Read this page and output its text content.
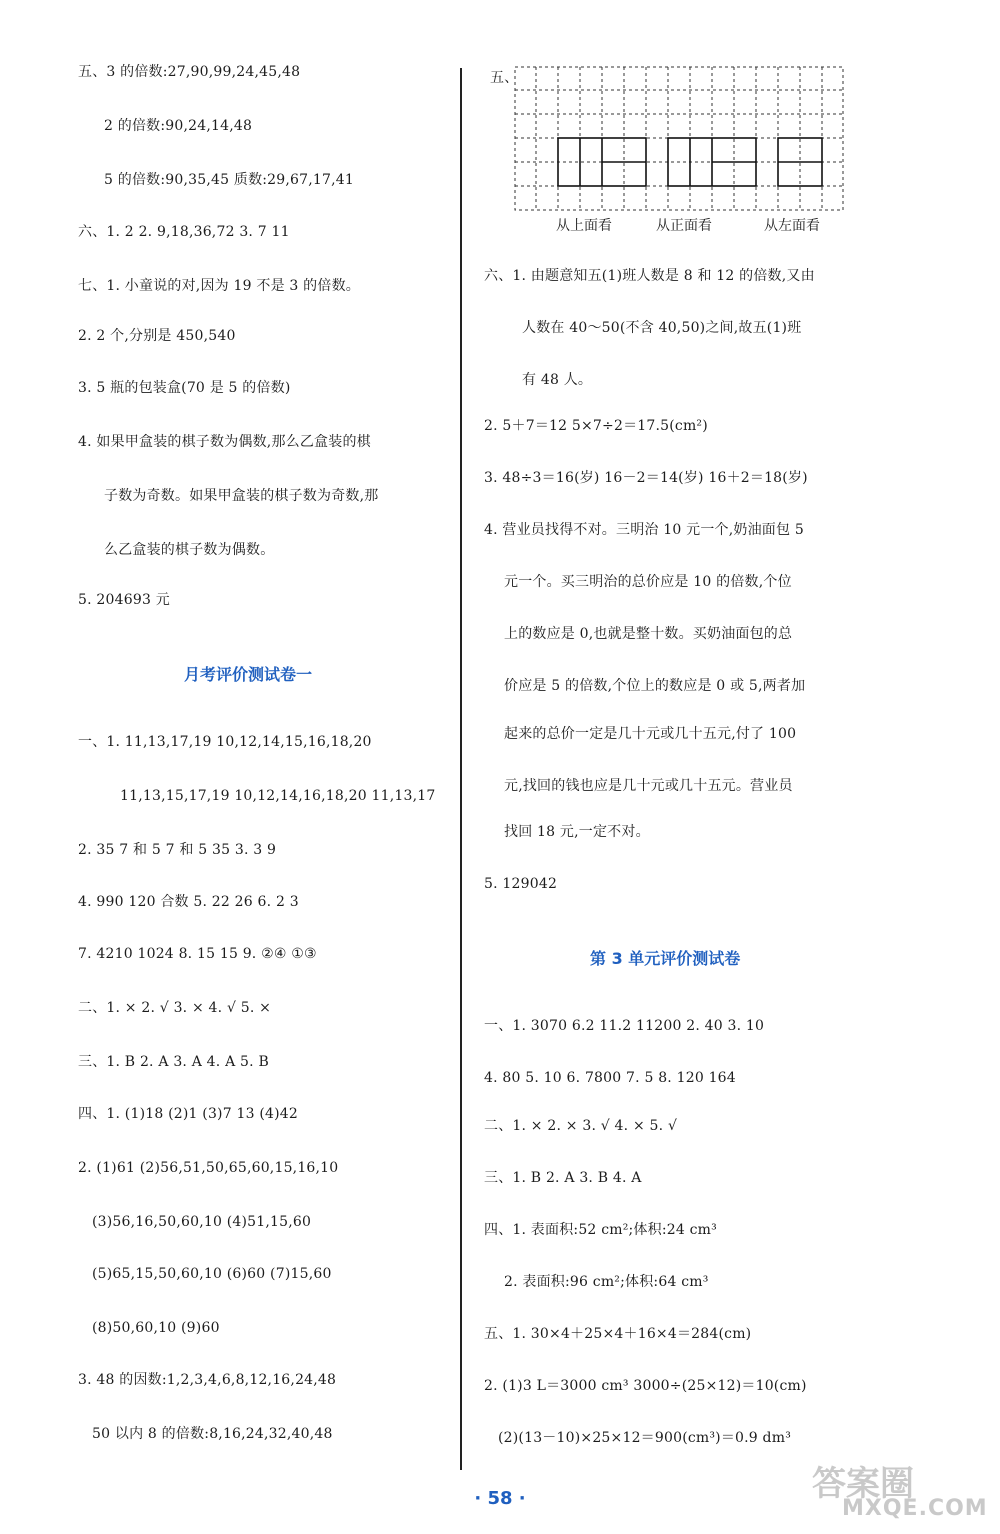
五、3 的倍数:27,90,99,24,45,48
2 的倍数:90,24,14,48
5 的倍数:90,35,45 质数:29,67,17,41
六、1. 2 2. 9,18,36,72 3. 7 11
七、1. 小童说的对,因为 19 不是 3 的倍数。
2. 2 个,分别是 450,540
3. 5 瓶的包装盒(70 是 5 的倍数)
4. 如果甲盒装的棋子数为偶数,那么乙盒装的棋
子数为奇数。如果甲盒装的棋子数为奇数,那
么乙盒装的棋子数为偶数。
5. 204693 元
月考评价测试卷一
一、1. 11,13,17,19 10,12,14,15,16,18,20
11,13,15,17,19 10,12,14,16,18,20 11,13,17
2. 35 7 和 5 7 和 5 35 3. 3 9
4. 990 120 合数 5. 22 26 6. 2 3
7. 4210 1024 8. 15 15 9. ②④ ①③
二、1. × 2. √ 3. × 4. √ 5. ×
三、1. B 2. A 3. A 4. A 5. B
四、1. (1)18 (2)1 (3)7 13 (4)42
2. (1)61 (2)56,51,50,65,60,15,16,10
(3)56,16,50,60,10 (4)51,15,60
(5)65,15,50,60,10 (6)60 (7)15,60
(8)50,60,10 (9)60
3. 48 的因数:1,2,3,4,6,8,12,16,24,48
50 以内 8 的倍数:8,16,24,32,40,48
五、
从上面看	从正面看	从左面看
六、1. 由题意知五(1)班人数是 8 和 12 的倍数,又由
人数在 40～50(不含 40,50)之间,故五(1)班
有 48 人。
2. 5＋7＝12 5×7÷2＝17.5(cm²)
3. 48÷3＝16(岁) 16－2＝14(岁) 16＋2＝18(岁)
4. 营业员找得不对。三明治 10 元一个,奶油面包 5
元一个。买三明治的总价应是 10 的倍数,个位
上的数应是 0,也就是整十数。买奶油面包的总
价应是 5 的倍数,个位上的数应是 0 或 5,两者加
起来的总价一定是几十元或几十五元,付了 100
元,找回的钱也应是几十元或几十五元。营业员
找回 18 元,一定不对。
5. 129042
第 3 单元评价测试卷
一、1. 3070 6.2 11.2 11200 2. 40 3. 10
4. 80 5. 10 6. 7800 7. 5 8. 120 164
二、1. × 2. × 3. √ 4. × 5. √
三、1. B 2. A 3. B 4. A
四、1. 表面积:52 cm²;体积:24 cm³
2. 表面积:96 cm²;体积:64 cm³
五、1. 30×4＋25×4＋16×4＝284(cm)
2. (1)3 L＝3000 cm³ 3000÷(25×12)＝10(cm)
(2)(13－10)×25×12＝900(cm³)＝0.9 dm³
· 58 ·	答案圈
MXQE.COM
